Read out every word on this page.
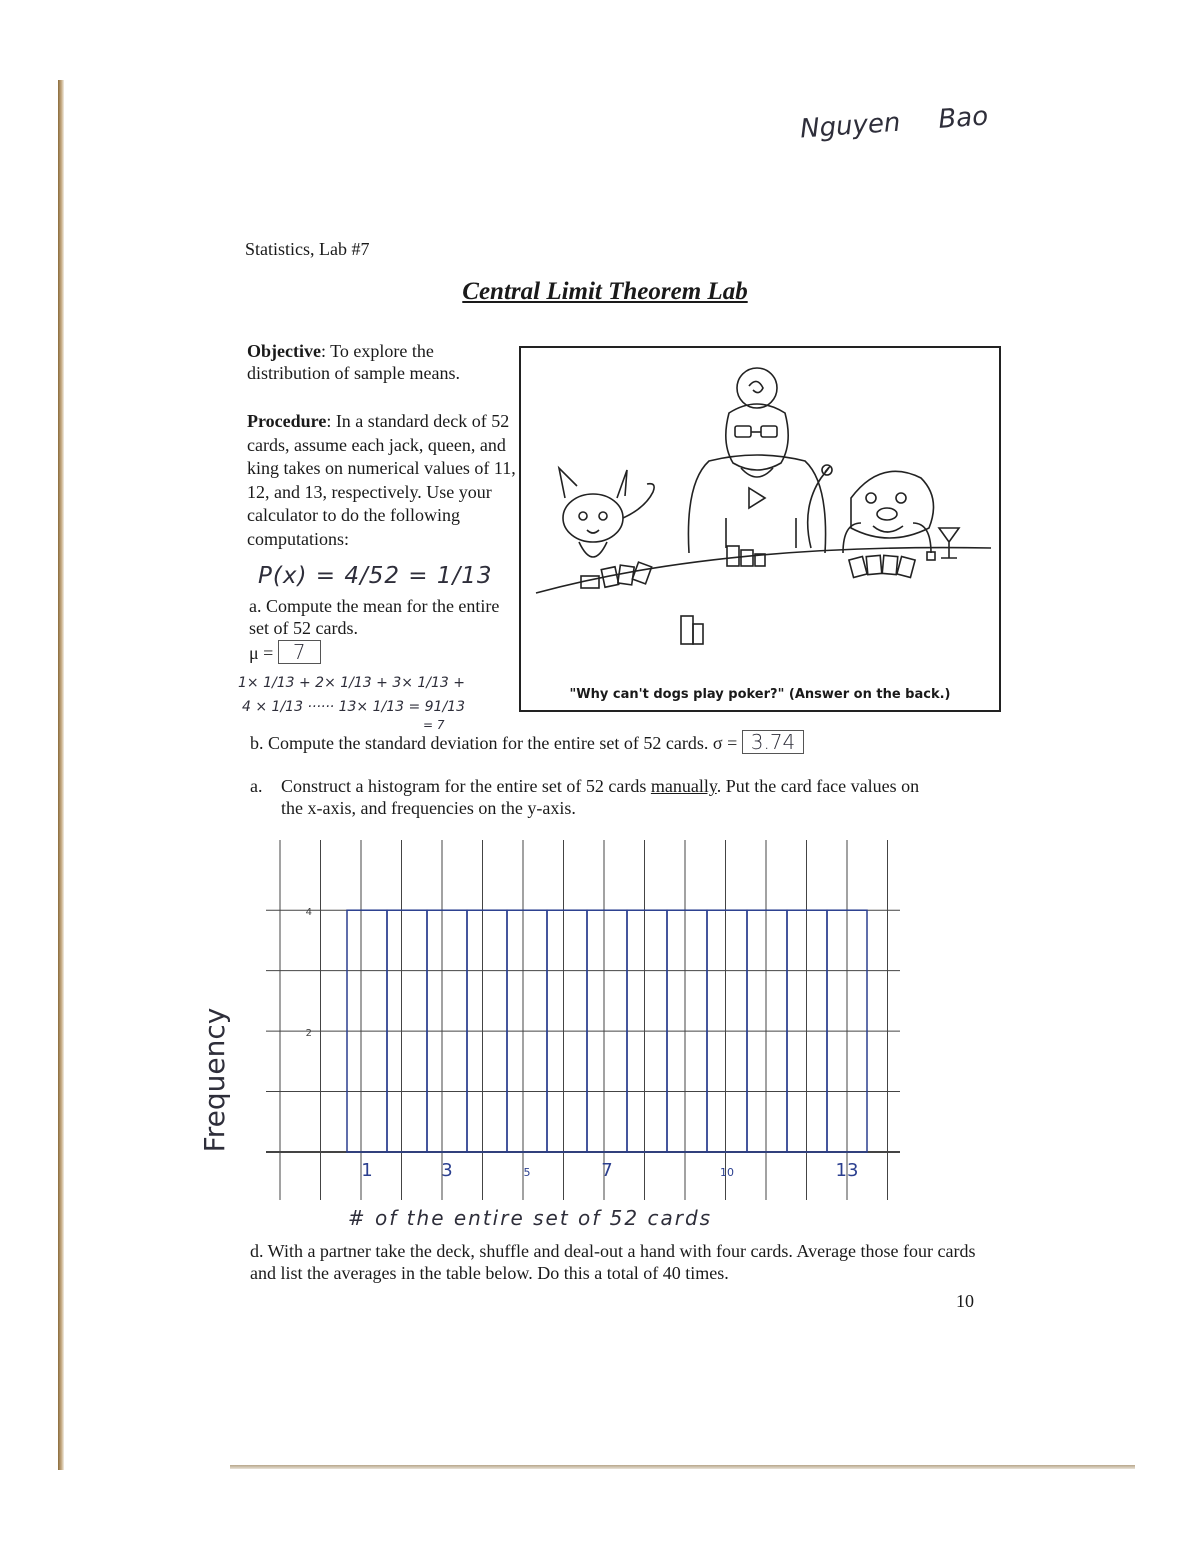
Nguyen Bao
Statistics, Lab #7
Central Limit Theorem Lab
Objective: To explore the distribution of sample means.
Procedure: In a standard deck of 52 cards, assume each jack, queen, and king takes on numerical values of 11, 12, and 13, respectively. Use your calculator to do the following computations:
P(x) = 4/52 = 1/13
a. Compute the mean for the entire set of 52 cards.
μ = 7
1× 1/13 + 2× 1/13 + 3× 1/13 +
4 × 1/13 ······ 13× 1/13 = 91/13
= 7
"Why can't dogs play poker?" (Answer on the back.)
b. Compute the standard deviation for the entire set of 52 cards. σ = 3.74
a. Construct a histogram for the entire set of 52 cards manually. Put the card face values on the x-axis, and frequencies on the y-axis.
2
4
1	3	5	7	10	13
Frequency
# of the entire set of 52 cards
d. With a partner take the deck, shuffle and deal-out a hand with four cards. Average those four cards and list the averages in the table below. Do this a total of 40 times.
10
